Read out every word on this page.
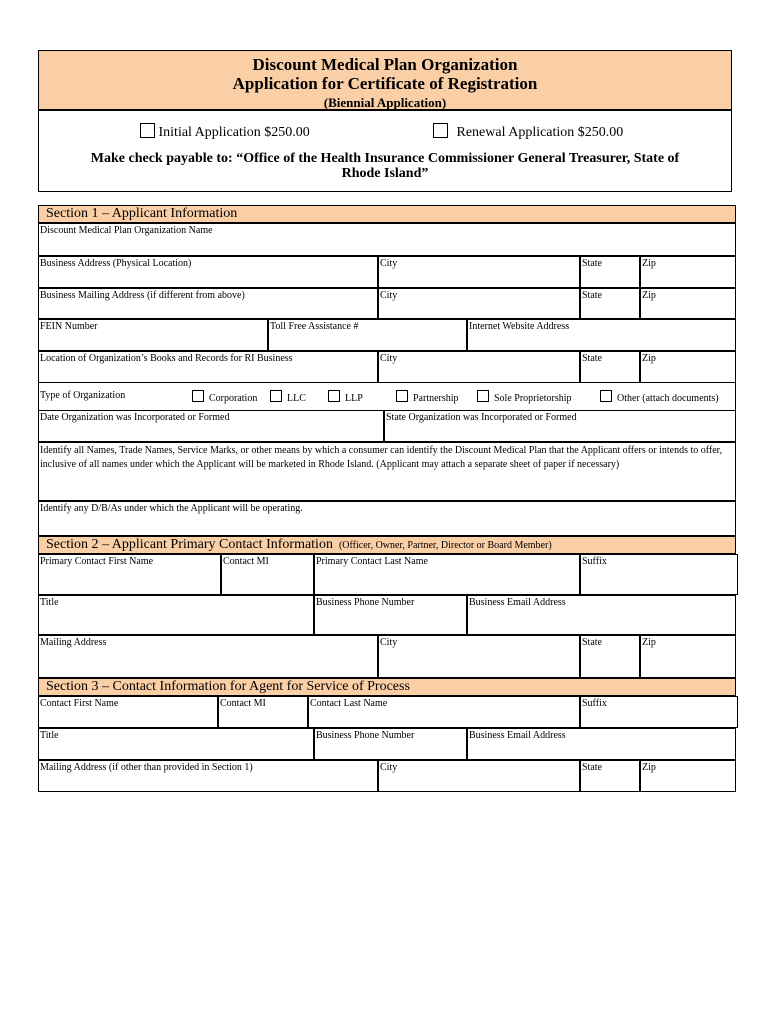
Discount Medical Plan Organization
Application for Certificate of Registration
(Biennial Application)
Initial Application $250.00	Renewal Application $250.00
Make check payable to: “Office of the Health Insurance Commissioner General Treasurer, State of
Rhode Island”
Section 1 – Applicant Information
Discount Medical Plan Organization Name
Business Address (Physical Location)	City	State	Zip
Business Mailing Address (if different from above)	City	State	Zip
FEIN Number	Toll Free Assistance #	Internet Website Address
Location of Organization’s Books and Records for RI Business	City	State	Zip
Type of Organization	Corporation	LLC	LLP	Partnership	Sole Proprietorship	Other (attach documents)
Date Organization was Incorporated or Formed	State Organization was Incorporated or Formed
Identify all Names, Trade Names, Service Marks, or other means by which a consumer can identify the Discount Medical Plan that the Applicant offers or intends to offer, inclusive of all names under which the Applicant will be marketed in Rhode Island. (Applicant may attach a separate sheet of paper if necessary)
Identify any D/B/As under which the Applicant will be operating.
Section 2 – Applicant Primary Contact Information (Officer, Owner, Partner, Director or Board Member)
Primary Contact First Name	Contact MI	Primary Contact Last Name	Suffix
Title	Business Phone Number	Business Email Address
Mailing Address	City	State	Zip
Section 3 – Contact Information for Agent for Service of Process
Contact First Name	Contact MI	Contact Last Name	Suffix
Title	Business Phone Number	Business Email Address
Mailing Address (if other than provided in Section 1)	City	State	Zip
